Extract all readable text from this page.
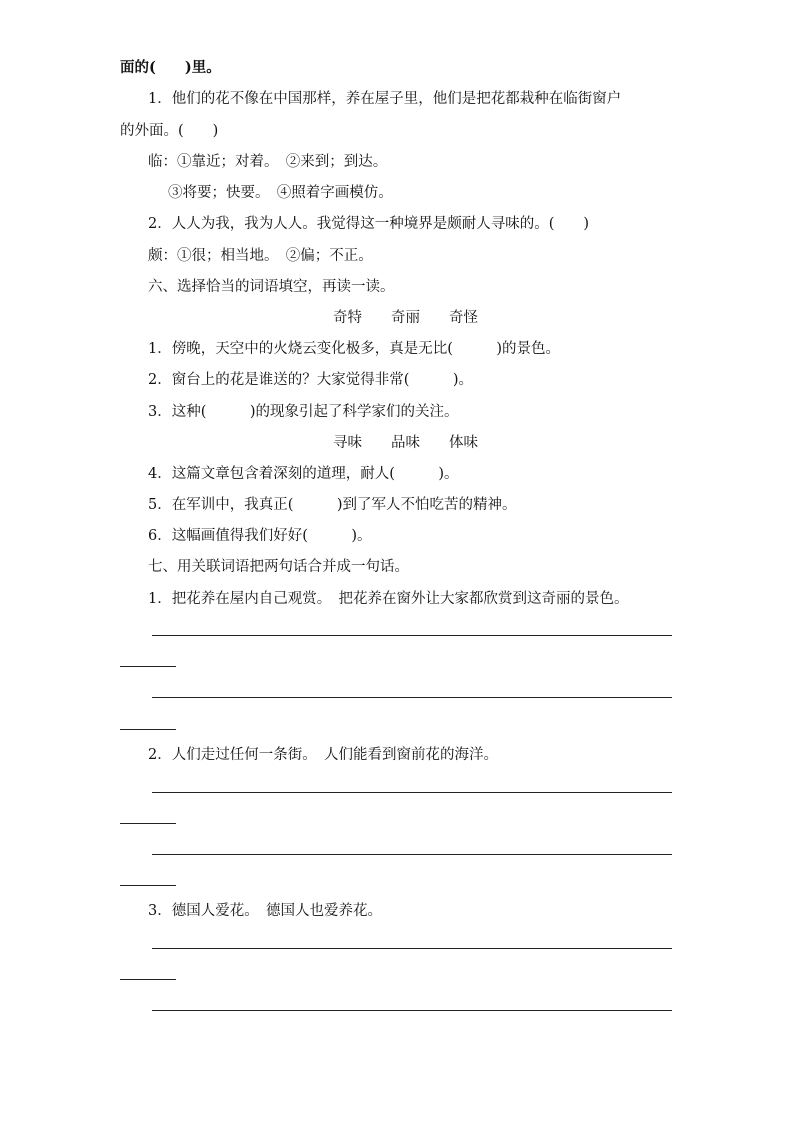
面的(　　)里。
1．他们的花不像在中国那样，养在屋子里，他们是把花都栽种在临街窗户
的外面。(　　)
临：①靠近；对着。　②来到；到达。
③将要；快要。　④照着字画模仿。
2．人人为我，我为人人。我觉得这一种境界是颇耐人寻味的。(　　)
颇：①很；相当地。　②偏；不正。
六、选择恰当的词语填空，再读一读。
奇特　　奇丽　　奇怪
1．傍晚，天空中的火烧云变化极多，真是无比(　　　)的景色。
2．窗台上的花是谁送的？大家觉得非常(　　　)。
3．这种(　　　)的现象引起了科学家们的关注。
寻味　　品味　　体味
4．这篇文章包含着深刻的道理，耐人(　　　)。
5．在军训中，我真正(　　　)到了军人不怕吃苦的精神。
6．这幅画值得我们好好(　　　)。
七、用关联词语把两句话合并成一句话。
1．把花养在屋内自己观赏。　把花养在窗外让大家都欣赏到这奇丽的景色。
2．人们走过任何一条街。　人们能看到窗前花的海洋。
3．德国人爱花。　德国人也爱养花。
